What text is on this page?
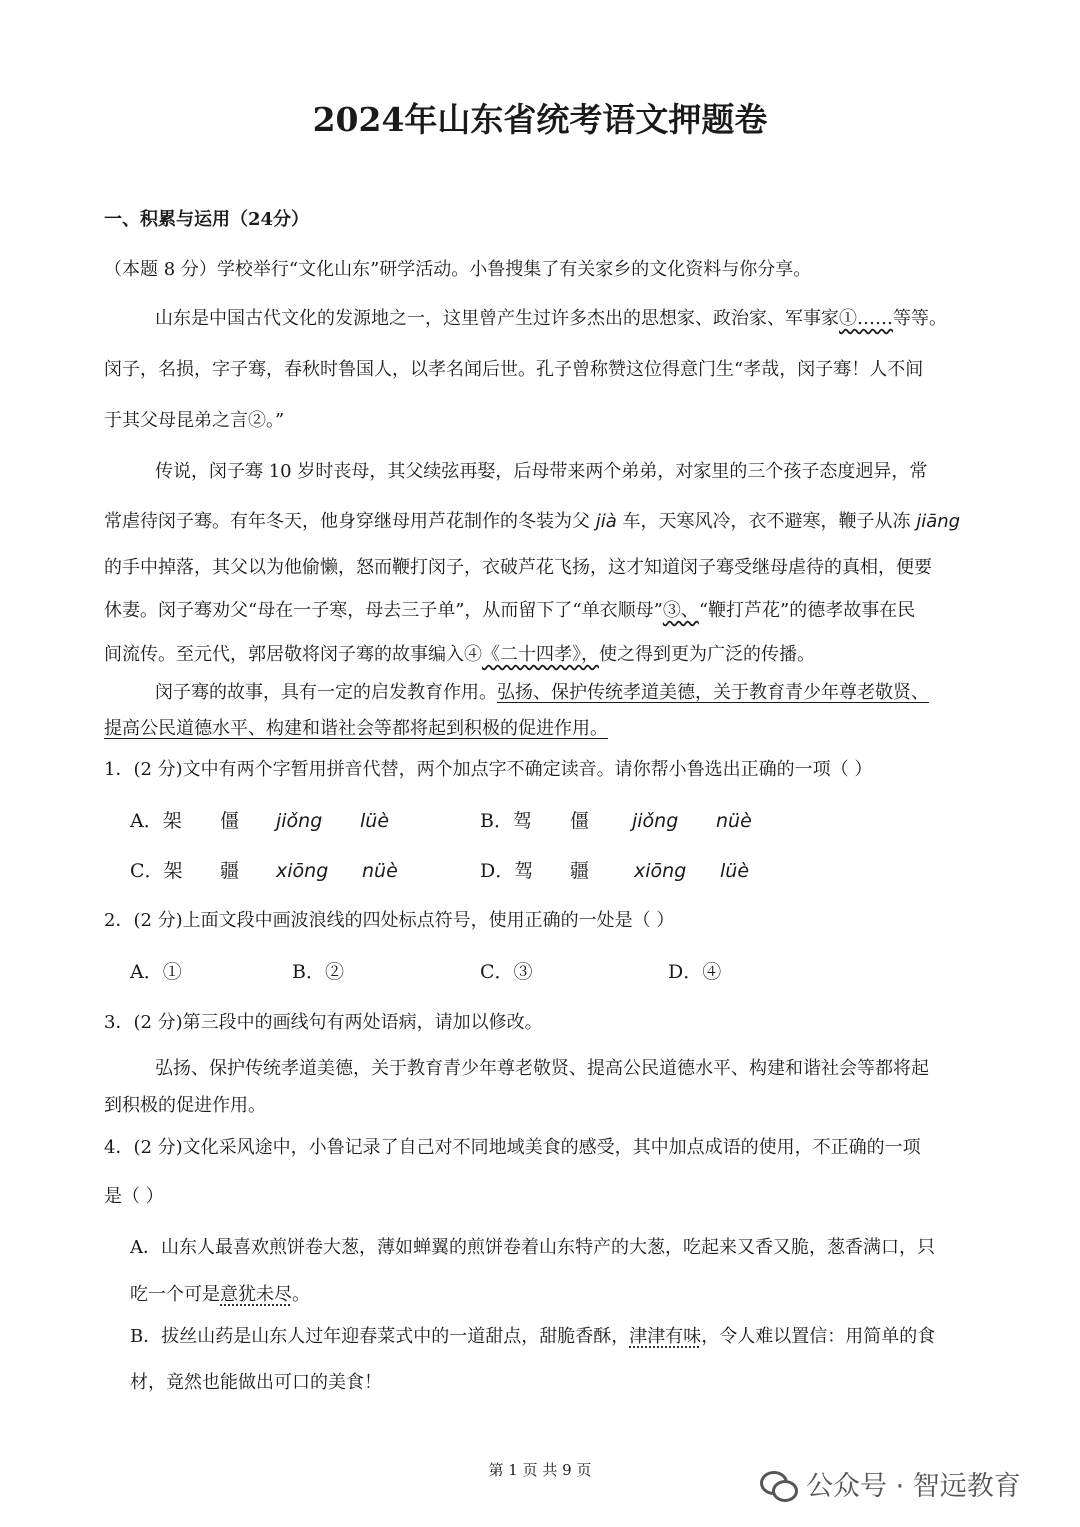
2024年山东省统考语文押题卷
一、积累与运用（24分）
（本题 8 分）学校举行“文化山东”研学活动。小鲁搜集了有关家乡的文化资料与你分享。
山东是中国古代文化的发源地之一，这里曾产生过许多杰出的思想家、政治家、军事家①……等等。
闵子，名损，字子骞，春秋时鲁国人，以孝名闻后世。孔子曾称赞这位得意门生“孝哉，闵子骞！人不间
于其父母昆弟之言②。”
传说，闵子骞 10 岁时丧母，其父续弦再娶，后母带来两个弟弟，对家里的三个孩子态度迥异，常
常虐待闵子骞。有年冬天，他身穿继母用芦花制作的冬装为父 jià 车，天寒风冷，衣不避寒，鞭子从冻 jiāng
的手中掉落，其父以为他偷懒，怒而鞭打闵子，衣破芦花飞扬，这才知道闵子骞受继母虐待的真相，便要
休妻。闵子骞劝父“母在一子寒，母去三子单”，从而留下了“单衣顺母”③、“鞭打芦花”的德孝故事在民
间流传。至元代，郭居敬将闵子骞的故事编入④《二十四孝》，使之得到更为广泛的传播。
闵子骞的故事，具有一定的启发教育作用。弘扬、保护传统孝道美德，关于教育青少年尊老敬贤、
提高公民道德水平、构建和谐社会等都将起到积极的促进作用。
1．(2 分)文中有两个字暂用拼音代替，两个加点字不确定读音。请你帮小鲁选出正确的一项（ ）
A．架 僵 jiǒng lüè	B．驾 僵 jiǒng nüè
C．架 疆 xiōng nüè	D．驾 疆 xiōng lüè
2．(2 分)上面文段中画波浪线的四处标点符号，使用正确的一处是（ ）
A．①	B．②	C．③	D．④
3．(2 分)第三段中的画线句有两处语病，请加以修改。
弘扬、保护传统孝道美德，关于教育青少年尊老敬贤、提高公民道德水平、构建和谐社会等都将起
到积极的促进作用。
4．(2 分)文化采风途中，小鲁记录了自己对不同地域美食的感受，其中加点成语的使用，不正确的一项
是（ ）
A．山东人最喜欢煎饼卷大葱，薄如蝉翼的煎饼卷着山东特产的大葱，吃起来又香又脆，葱香满口，只
吃一个可是意犹未尽。
B．拔丝山药是山东人过年迎春菜式中的一道甜点，甜脆香酥，津津有味，令人难以置信：用简单的食
材，竟然也能做出可口的美食！
第 1 页 共 9 页
公众号 · 智远教育
